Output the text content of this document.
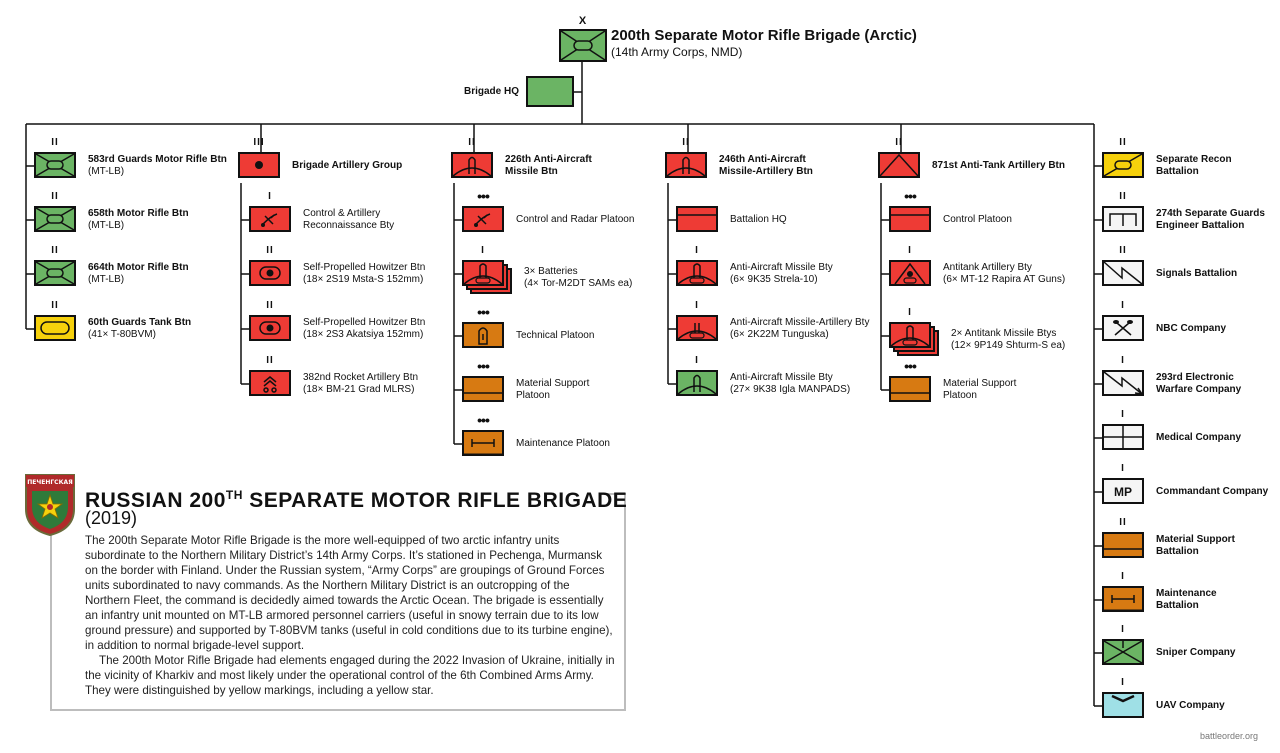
X
200th Separate Motor Rifle Brigade (Arctic)
(14th Army Corps, NMD)
Brigade HQ
II
583rd Guards Motor Rifle Btn
(MT-LB)
II
658th Motor Rifle Btn
(MT-LB)
II
664th Motor Rifle Btn
(MT-LB)
II
60th Guards Tank Btn
(41× T-80BVM)
III
Brigade Artillery Group
I
Control & Artillery
Reconnaissance Bty
II
Self-Propelled Howitzer Btn
(18× 2S19 Msta-S 152mm)
II
Self-Propelled Howitzer Btn
(18× 2S3 Akatsiya 152mm)
II
382nd Rocket Artillery Btn
(18× BM-21 Grad MLRS)
II
226th Anti-Aircraft
Missile Btn
•••
Control and Radar Platoon
I
3× Batteries
(4× Tor-M2DT SAMs ea)
•••
Technical Platoon
•••
Material Support
Platoon
•••
Maintenance Platoon
II
246th Anti-Aircraft
Missile-Artillery Btn
Battalion HQ
I
Anti-Aircraft Missile Bty
(6× 9K35 Strela-10)
I
Anti-Aircraft Missile-Artillery Bty
(6× 2K22M Tunguska)
I
Anti-Aircraft Missile Bty
(27× 9K38 Igla MANPADS)
II
871st Anti-Tank Artillery Btn
•••
Control Platoon
I
Antitank Artillery Bty
(6× MT-12 Rapira AT Guns)
I
2× Antitank Missile Btys
(12× 9P149 Shturm-S ea)
•••
Material Support
Platoon
II
Separate Recon
Battalion
II
274th Separate Guards
Engineer Battalion
II
Signals Battalion
I
NBC Company
I
293rd Electronic
Warfare Company
I
Medical Company
I
MP Commandant Company
II
Material Support
Battalion
I
Maintenance
Battalion
I
Sniper Company
I
UAV Company
ПЕЧЕНГСКАЯ
RUSSIAN 200TH SEPARATE MOTOR RIFLE BRIGADE
(2019)

The 200th Separate Motor Rifle Brigade is the more well-equipped of two arctic infantry units subordinate to the Northern Military District’s 14th Army Corps. It’s stationed in Pechenga, Murmansk on the border with Finland. Under the Russian system, “Army Corps” are groupings of Ground Forces units subordinated to navy commands. As the Northern Military District is an outcropping of the Northern Fleet, the command is decidedly aimed towards the Arctic Ocean. The brigade is essentially an infantry unit mounted on MT-LB armored personnel carriers (useful in snowy terrain due to its low ground pressure) and supported by T-80BVM tanks (useful in cold conditions due to its turbine engine), in addition to normal brigade-level support.

The 200th Motor Rifle Brigade had elements engaged during the 2022 Invasion of Ukraine, initially in the vicinity of Kharkiv and most likely under the operational control of the 6th Combined Arms Army. They were distinguished by yellow markings, including a yellow star.

battleorder.org
